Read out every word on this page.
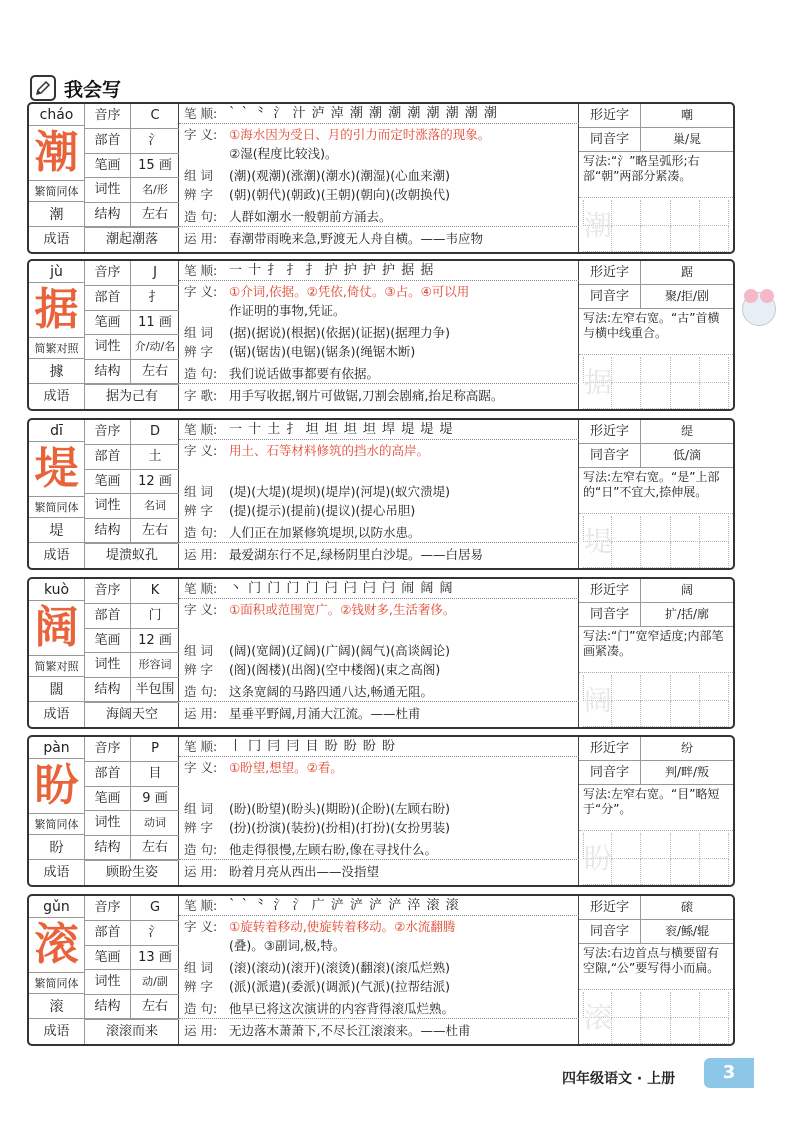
我会写
cháo
潮
繁简同体
潮
音序	C
部首	氵
笔画	15 画
词性	名/形
结构	左右
成语	潮起潮落
笔 顺: ` ` ⺀ 氵 汁 泸 淖 潮 潮 潮 潮 潮 潮 潮 潮
字 义: ①海水因为受日、月的引力而定时涨落的现象。
②湿(程度比较浅)。
组 词	(潮)(观潮)(涨潮)(潮水)(潮湿)(心血来潮)
辨 字	(朝)(朝代)(朝政)(王朝)(朝向)(改朝换代)
造 句: 人群如潮水一般朝前方涌去。
运 用: 春潮带雨晚来急,野渡无人舟自横。——韦应物
形近字	嘲
同音字	巢/晁
写法:“氵”略呈弧形;右部“朝”两部分紧凑。
潮
jù
据
简繁对照
據
音序	J
部首	扌
笔画	11 画
词性	介/动/名
结构	左右
成语	据为己有
笔 顺: 一 十 扌 扌 扌 护 护 护 护 据 据
字 义: ①介词,依据。②凭依,倚仗。③占。④可以用
作证明的事物,凭证。
组 词	(据)(据说)(根据)(依据)(证据)(据理力争)
辨 字	(锯)(锯齿)(电锯)(锯条)(绳锯木断)
造 句: 我们说话做事都要有依据。
字 歌: 用手写收据,钢片可做锯,刀割会剧痛,抬足称高踞。
形近字	踞
同音字	聚/拒/剧
写法:左窄右宽。“古”首横与横中线重合。
据
dī
堤
繁简同体
堤
音序	D
部首	土
笔画	12 画
词性	名词
结构	左右
成语	堤溃蚁孔
笔 顺: 一 十 土 扌 坦 坦 坦 坦 垾 堤 堤 堤
字 义: 用土、石等材料修筑的挡水的高岸。
组 词	(堤)(大堤)(堤坝)(堤岸)(河堤)(蚁穴溃堤)
辨 字	(提)(提示)(提前)(提议)(提心吊胆)
造 句: 人们正在加紧修筑堤坝,以防水患。
运 用: 最爱湖东行不足,绿杨阴里白沙堤。——白居易
形近字	缇
同音字	低/滴
写法:左窄右宽。“是”上部的“日”不宜大,捺伸展。
堤
kuò
阔
简繁对照
闊
音序	K
部首	门
笔画	12 画
词性	形容词
结构	半包围
成语	海阔天空
笔 顺: 丶 门 门 门 门 闩 闩 闩 闩 闹 阔 阔
字 义: ①面积或范围宽广。②钱财多,生活奢侈。
组 词	(阔)(宽阔)(辽阔)(广阔)(阔气)(高谈阔论)
辨 字	(阁)(阁楼)(出阁)(空中楼阁)(束之高阁)
造 句: 这条宽阔的马路四通八达,畅通无阻。
运 用: 星垂平野阔,月涌大江流。——杜甫
形近字	阔
同音字	扩/括/廓
写法:“门”宽窄适度;内部笔画紧凑。
阔
pàn
盼
繁简同体
盼
音序	P
部首	目
笔画	9 画
词性	动词
结构	左右
成语	顾盼生姿
笔 顺: 丨 冂 冃 冃 目 盼 盼 盼 盼
字 义: ①盼望,想望。②看。
组 词	(盼)(盼望)(盼头)(期盼)(企盼)(左顾右盼)
辨 字	(扮)(扮演)(装扮)(扮相)(打扮)(女扮男装)
造 句: 他走得很慢,左顾右盼,像在寻找什么。
运 用: 盼着月亮从西出——没指望
形近字	纷
同音字	判/畔/叛
写法:左窄右宽。“目”略短于“分”。
盼
gǔn
滚
繁简同体
滚
音序	G
部首	氵
笔画	13 画
词性	动/副
结构	左右
成语	滚滚而来
笔 顺: ` ` ⺀ 氵 氵 广 浐 浐 浐 浐 淬 滚 滚
字 义: ①旋转着移动,使旋转着移动。②水流翻腾
(叠)。③副词,极,特。
组 词	(滚)(滚动)(滚开)(滚烫)(翻滚)(滚瓜烂熟)
辨 字	(派)(派遣)(委派)(调派)(气派)(拉帮结派)
造 句: 他早已将这次演讲的内容背得滚瓜烂熟。
运 用: 无边落木萧萧下,不尽长江滚滚来。——杜甫
形近字	磙
同音字	衮/鲧/辊
写法:右边首点与横要留有空隙,“公”要写得小而扁。
滚
四年级语文 · 上册	3
